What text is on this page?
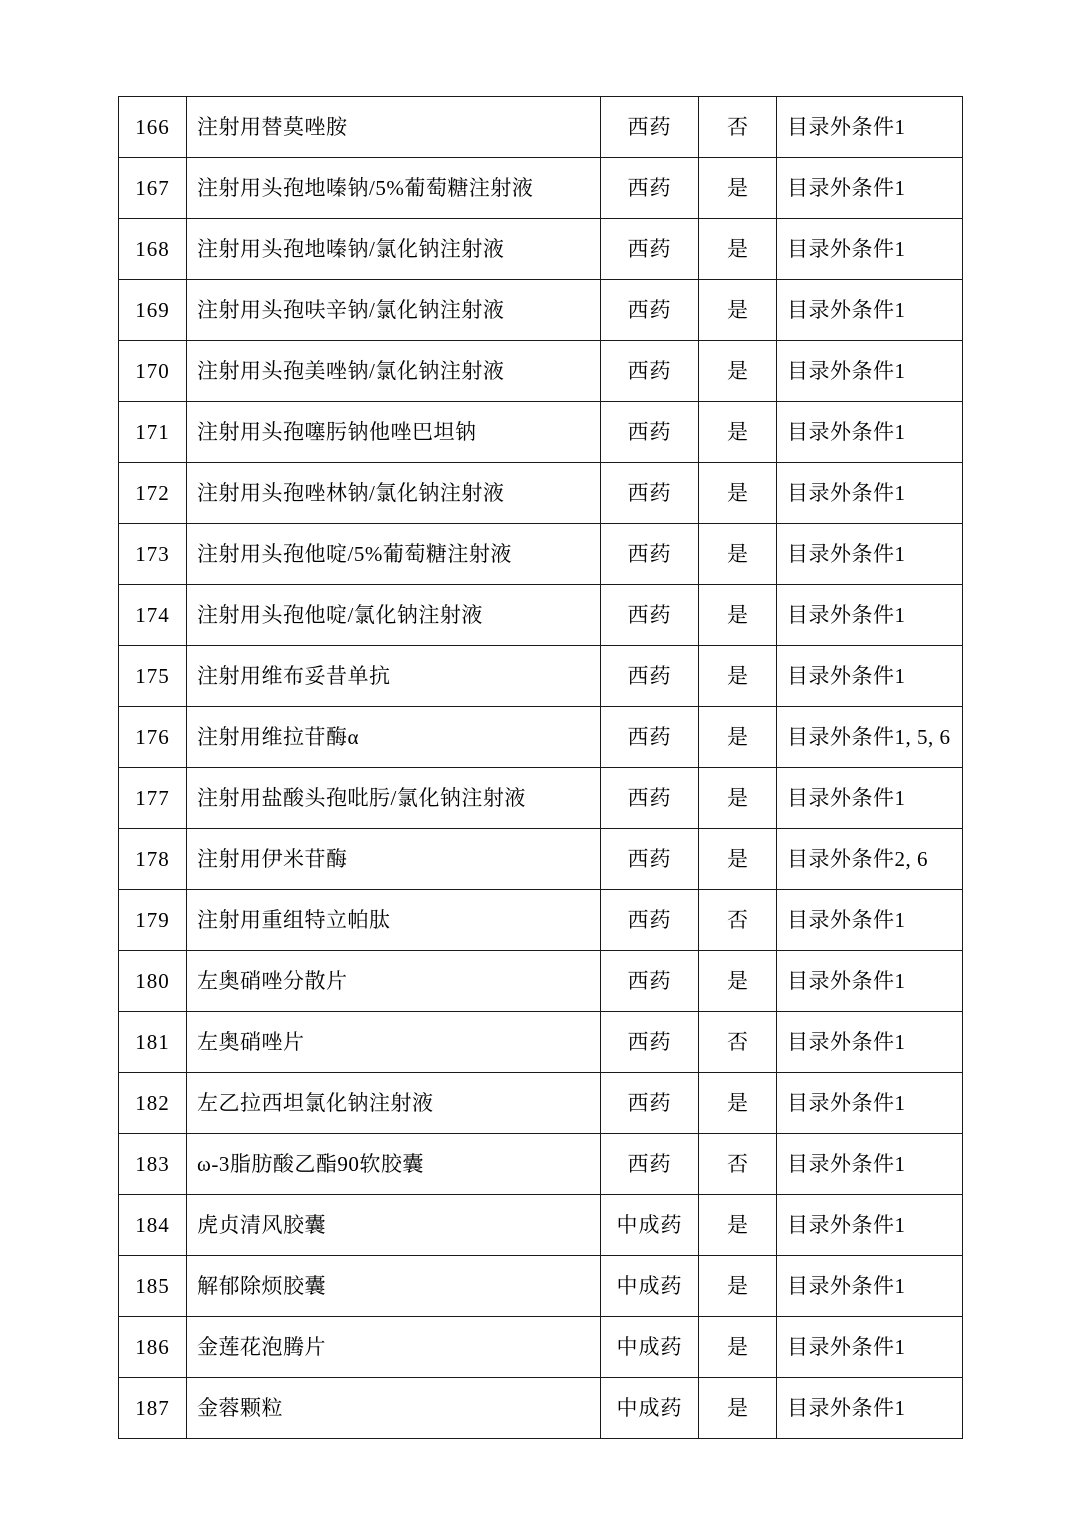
166	注射用替莫唑胺	西药	否	目录外条件1
167	注射用头孢地嗪钠/5%葡萄糖注射液	西药	是	目录外条件1
168	注射用头孢地嗪钠/氯化钠注射液	西药	是	目录外条件1
169	注射用头孢呋辛钠/氯化钠注射液	西药	是	目录外条件1
170	注射用头孢美唑钠/氯化钠注射液	西药	是	目录外条件1
171	注射用头孢噻肟钠他唑巴坦钠	西药	是	目录外条件1
172	注射用头孢唑林钠/氯化钠注射液	西药	是	目录外条件1
173	注射用头孢他啶/5%葡萄糖注射液	西药	是	目录外条件1
174	注射用头孢他啶/氯化钠注射液	西药	是	目录外条件1
175	注射用维布妥昔单抗	西药	是	目录外条件1
176	注射用维拉苷酶α	西药	是	目录外条件1, 5, 6
177	注射用盐酸头孢吡肟/氯化钠注射液	西药	是	目录外条件1
178	注射用伊米苷酶	西药	是	目录外条件2, 6
179	注射用重组特立帕肽	西药	否	目录外条件1
180	左奥硝唑分散片	西药	是	目录外条件1
181	左奥硝唑片	西药	否	目录外条件1
182	左乙拉西坦氯化钠注射液	西药	是	目录外条件1
183	ω-3脂肪酸乙酯90软胶囊	西药	否	目录外条件1
184	虎贞清风胶囊	中成药	是	目录外条件1
185	解郁除烦胶囊	中成药	是	目录外条件1
186	金莲花泡腾片	中成药	是	目录外条件1
187	金蓉颗粒	中成药	是	目录外条件1
